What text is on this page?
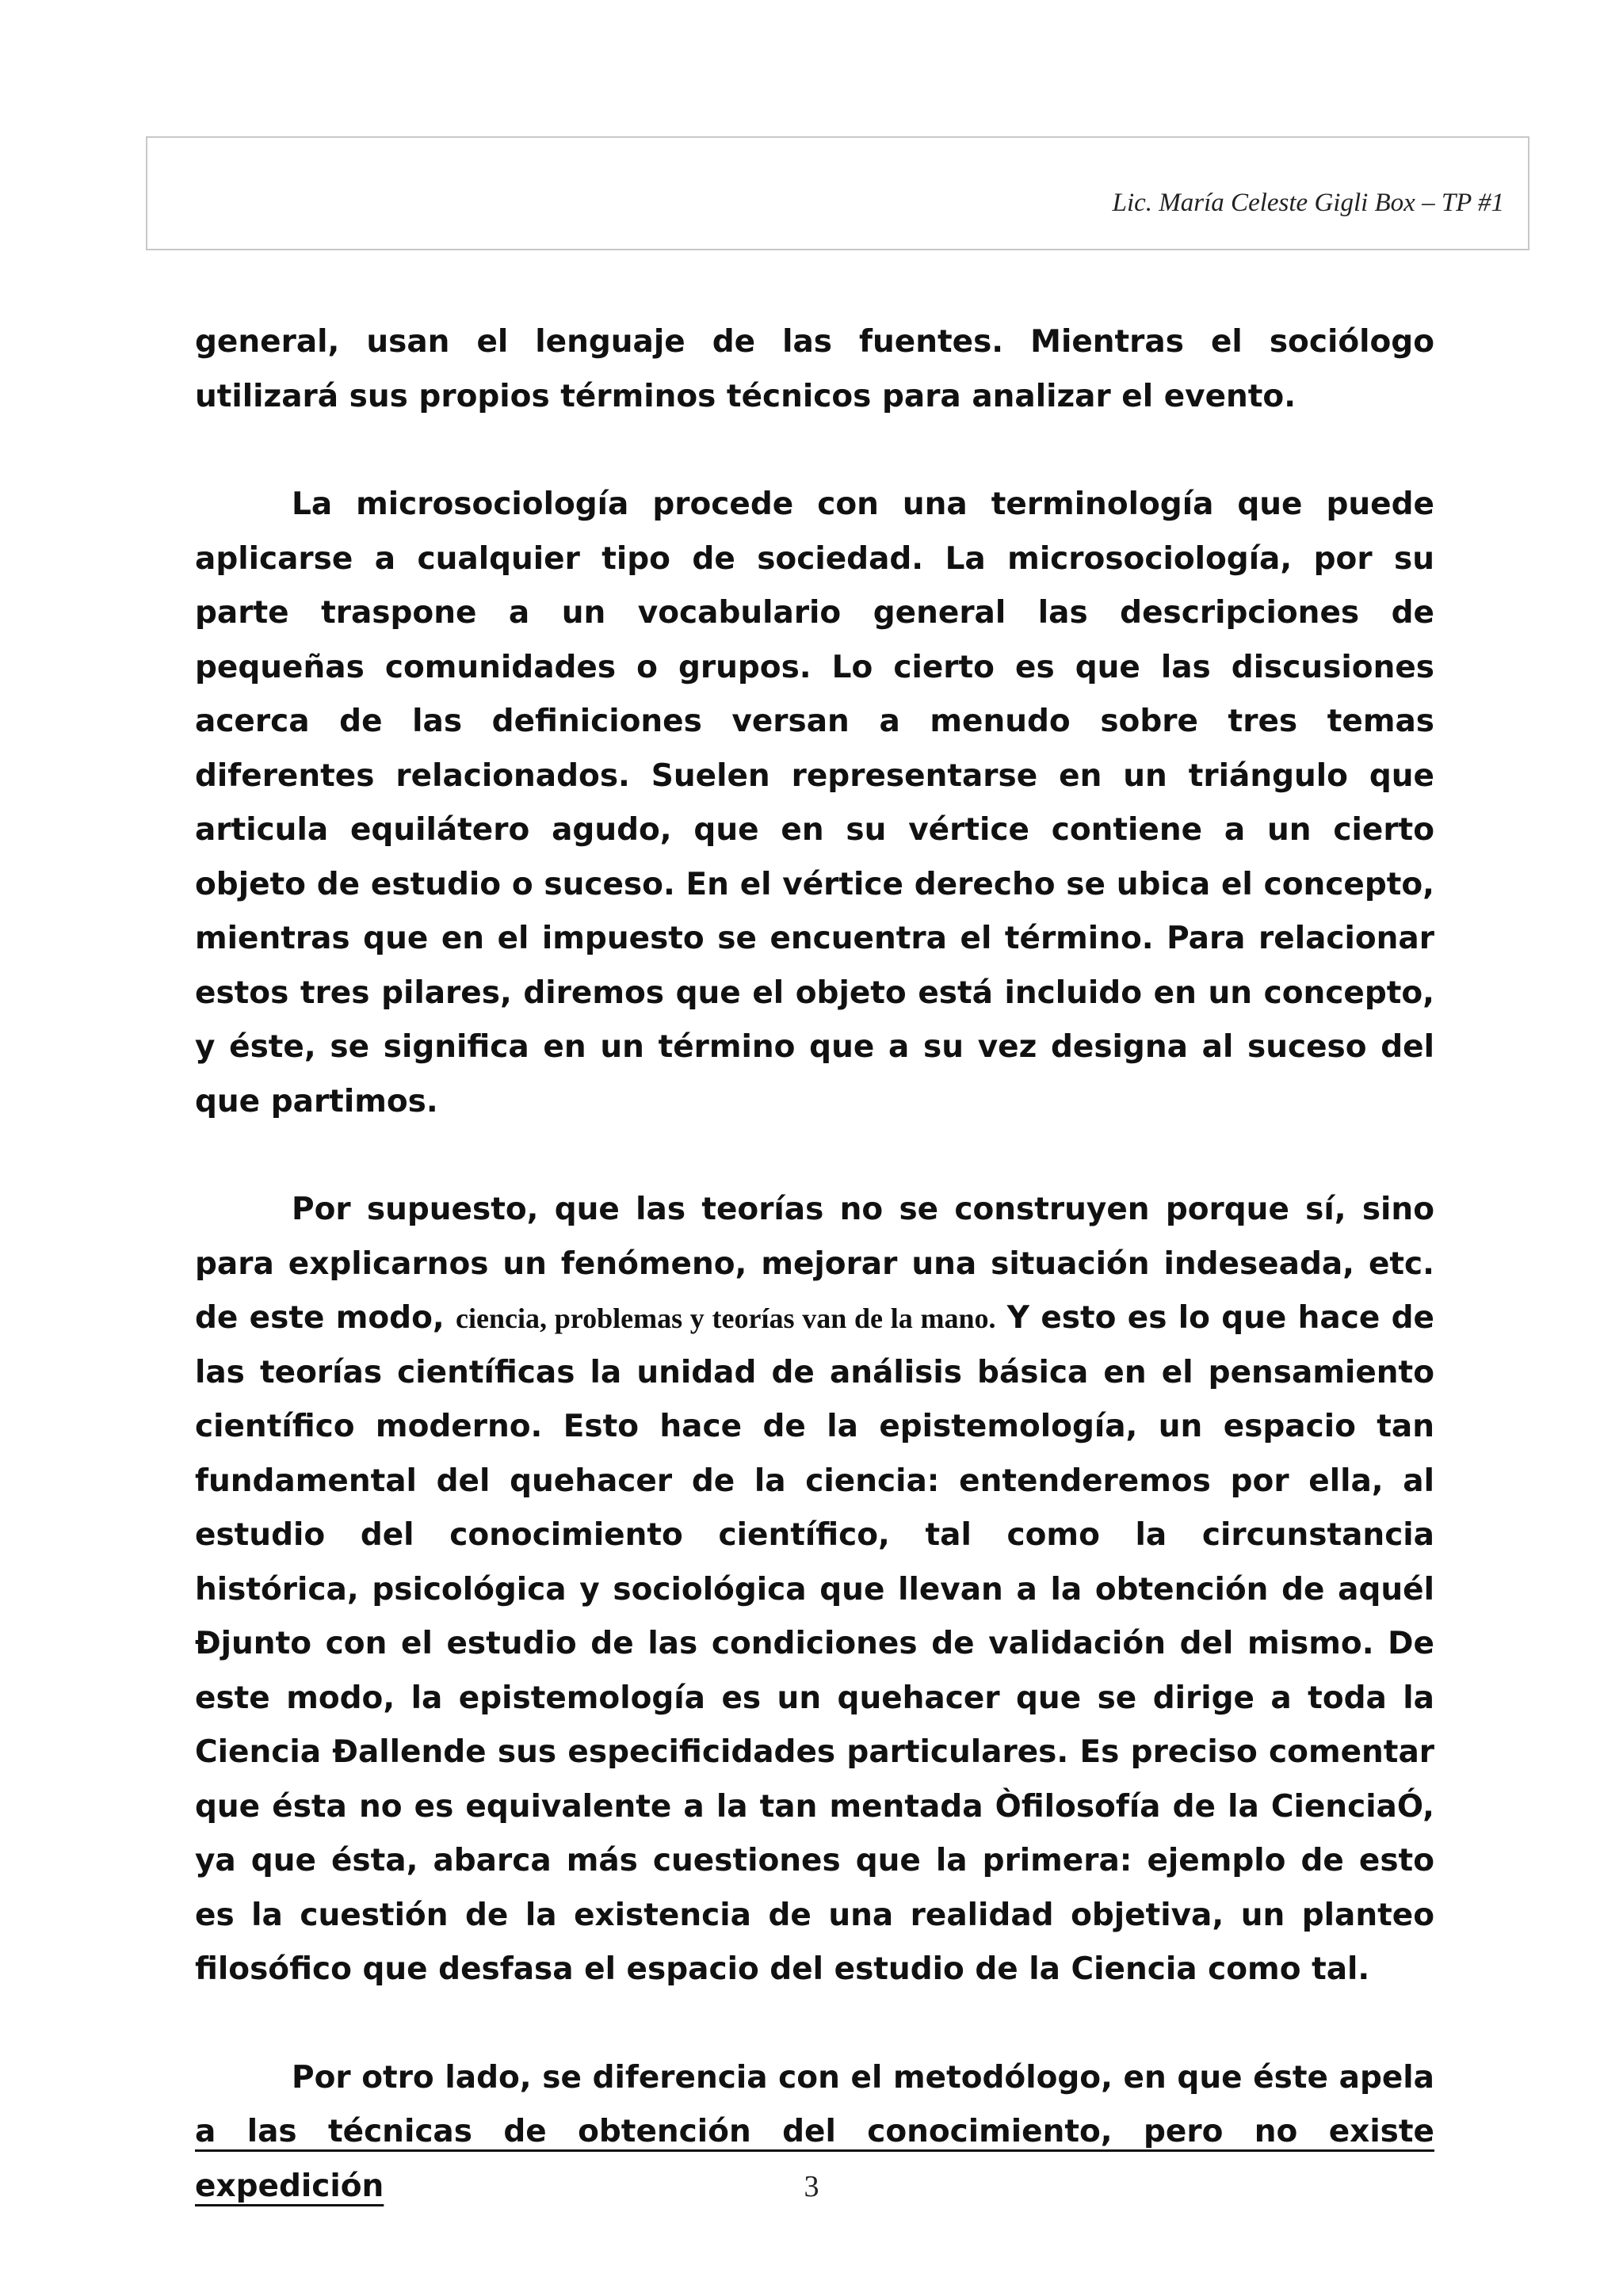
Lic. María Celeste Gigli Box – TP #1

general, usan el lenguaje de las fuentes. Mientras el sociólogo utilizará sus propios términos técnicos para analizar el evento.

La microsociología procede con una terminología que puede aplicarse a cualquier tipo de sociedad. La microsociología, por su parte traspone a un vocabulario general las descripciones de pequeñas comunidades o grupos. Lo cierto es que las discusiones acerca de las definiciones versan a menudo sobre tres temas diferentes relacionados. Suelen representarse en un triángulo que articula equilátero agudo, que en su vértice contiene a un cierto objeto de estudio o suceso. En el vértice derecho se ubica el concepto, mientras que en el impuesto se encuentra el término. Para relacionar estos tres pilares, diremos que el objeto está incluido en un concepto, y éste, se significa en un término que a su vez designa al suceso del que partimos.

Por supuesto, que las teorías no se construyen porque sí, sino para explicarnos un fenómeno, mejorar una situación indeseada, etc. de este modo, ciencia, problemas y teorías van de la mano. Y esto es lo que hace de las teorías científicas la unidad de análisis básica en el pensamiento científico moderno. Esto hace de la epistemología, un espacio tan fundamental del quehacer de la ciencia: entenderemos por ella, al estudio del conocimiento científico, tal como la circunstancia histórica, psicológica y sociológica que llevan a la obtención de aquél Ðjunto con el estudio de las condiciones de validación del mismo. De este modo, la epistemología es un quehacer que se dirige a toda la Ciencia Ðallende sus especificidades particulares. Es preciso comentar que ésta no es equivalente a la tan mentada Òfilosofía de la CienciaÓ, ya que ésta, abarca más cuestiones que la primera: ejemplo de esto es la cuestión de la existencia de una realidad objetiva, un planteo filosófico que desfasa el espacio del estudio de la Ciencia como tal.

Por otro lado, se diferencia con el metodólogo, en que éste apela a las técnicas de obtención del conocimiento, pero no existe expedición	3
